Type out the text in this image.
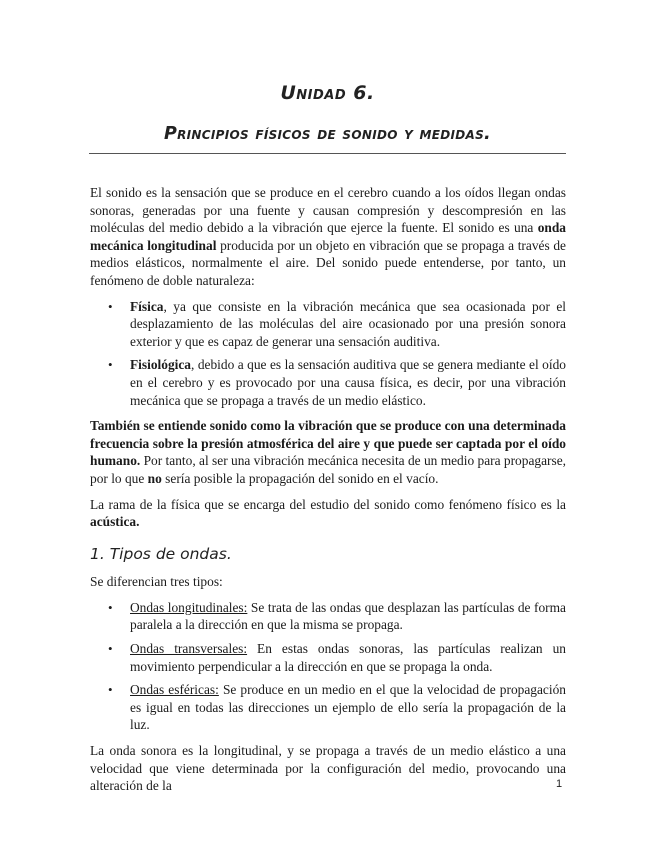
Unidad 6.
Principios físicos de sonido y medidas.

El sonido es la sensación que se produce en el cerebro cuando a los oídos llegan ondas sonoras, generadas por una fuente y causan compresión y descompresión en las moléculas del medio debido a la vibración que ejerce la fuente. El sonido es una onda mecánica longitudinal producida por un objeto en vibración que se propaga a través de medios elásticos, normalmente el aire. Del sonido puede entenderse, por tanto, un fenómeno de doble naturaleza:

• Física, ya que consiste en la vibración mecánica que sea ocasionada por el desplazamiento de las moléculas del aire ocasionado por una presión sonora exterior y que es capaz de generar una sensación auditiva.
• Fisiológica, debido a que es la sensación auditiva que se genera mediante el oído en el cerebro y es provocado por una causa física, es decir, por una vibración mecánica que se propaga a través de un medio elástico.

También se entiende sonido como la vibración que se produce con una determinada frecuencia sobre la presión atmosférica del aire y que puede ser captada por el oído humano. Por tanto, al ser una vibración mecánica necesita de un medio para propagarse, por lo que no sería posible la propagación del sonido en el vacío.

La rama de la física que se encarga del estudio del sonido como fenómeno físico es la acústica.

1. Tipos de ondas.

Se diferencian tres tipos:

• Ondas longitudinales: Se trata de las ondas que desplazan las partículas de forma paralela a la dirección en que la misma se propaga.
• Ondas transversales: En estas ondas sonoras, las partículas realizan un movimiento perpendicular a la dirección en que se propaga la onda.
• Ondas esféricas: Se produce en un medio en el que la velocidad de propagación es igual en todas las direcciones un ejemplo de ello sería la propagación de la luz.

La onda sonora es la longitudinal, y se propaga a través de un medio elástico a una velocidad que viene determinada por la configuración del medio, provocando una alteración de la	1
